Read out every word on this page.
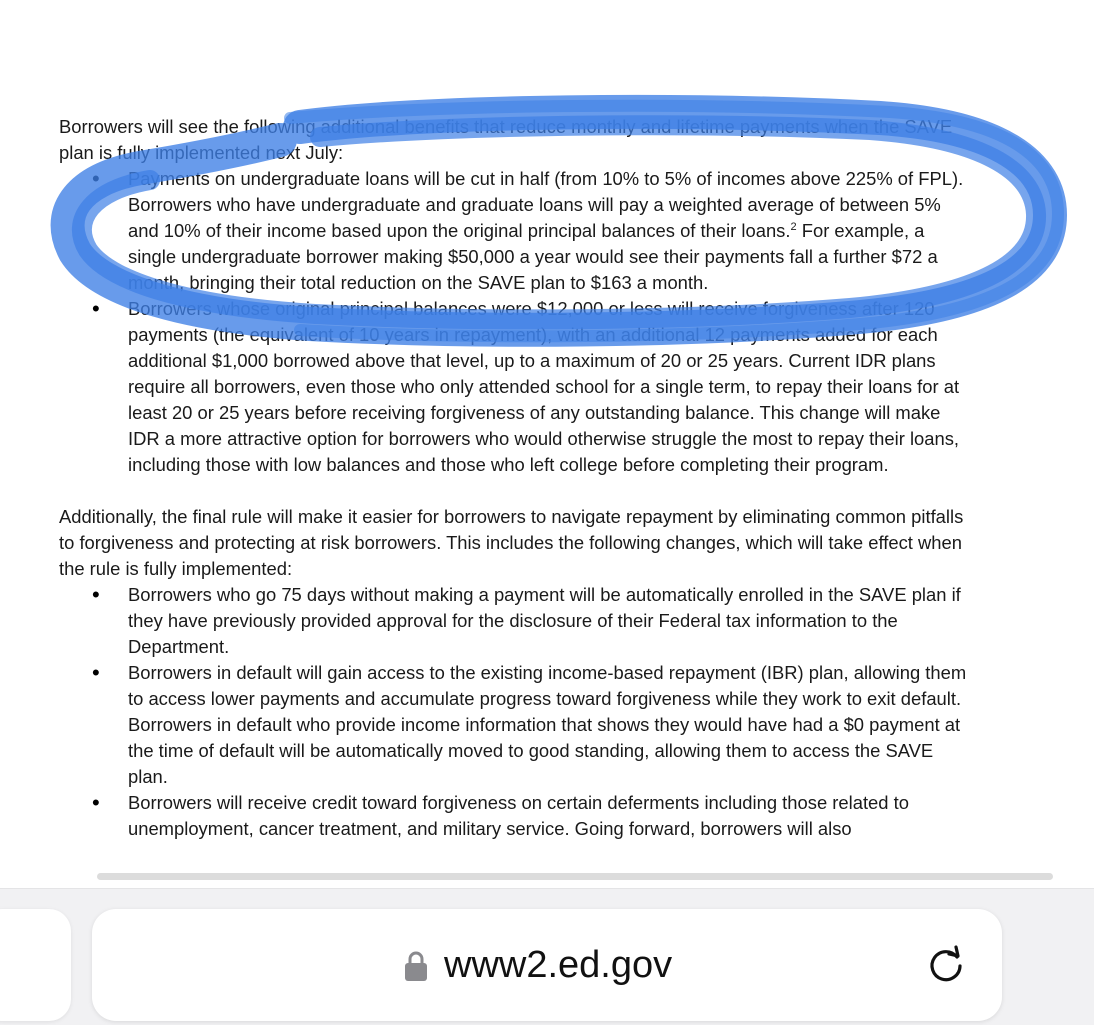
Borrowers will see the following additional benefits that reduce monthly and lifetime payments when the SAVE plan is fully implemented next July:

• Payments on undergraduate loans will be cut in half (from 10% to 5% of incomes above 225% of FPL). Borrowers who have undergraduate and graduate loans will pay a weighted average of between 5% and 10% of their income based upon the original principal balances of their loans.$^2$ For example, a single undergraduate borrower making $50,000 a year would see their payments fall a further $72 a month, bringing their total reduction on the SAVE plan to $163 a month.
• Borrowers whose original principal balances were $12,000 or less will receive forgiveness after 120 payments (the equivalent of 10 years in repayment), with an additional 12 payments added for each additional $1,000 borrowed above that level, up to a maximum of 20 or 25 years. Current IDR plans require all borrowers, even those who only attended school for a single term, to repay their loans for at least 20 or 25 years before receiving forgiveness of any outstanding balance. This change will make IDR a more attractive option for borrowers who would otherwise struggle the most to repay their loans, including those with low balances and those who left college before completing their program.

Additionally, the final rule will make it easier for borrowers to navigate repayment by eliminating common pitfalls to forgiveness and protecting at risk borrowers. This includes the following changes, which will take effect when the rule is fully implemented:

• Borrowers who go 75 days without making a payment will be automatically enrolled in the SAVE plan if they have previously provided approval for the disclosure of their Federal tax information to the Department.
• Borrowers in default will gain access to the existing income-based repayment (IBR) plan, allowing them to access lower payments and accumulate progress toward forgiveness while they work to exit default. Borrowers in default who provide income information that shows they would have had a $0 payment at the time of default will be automatically moved to good standing, allowing them to access the SAVE plan.
• Borrowers will receive credit toward forgiveness on certain deferments including those related to unemployment, cancer treatment, and military service. Going forward, borrowers will also
www2.ed.gov
